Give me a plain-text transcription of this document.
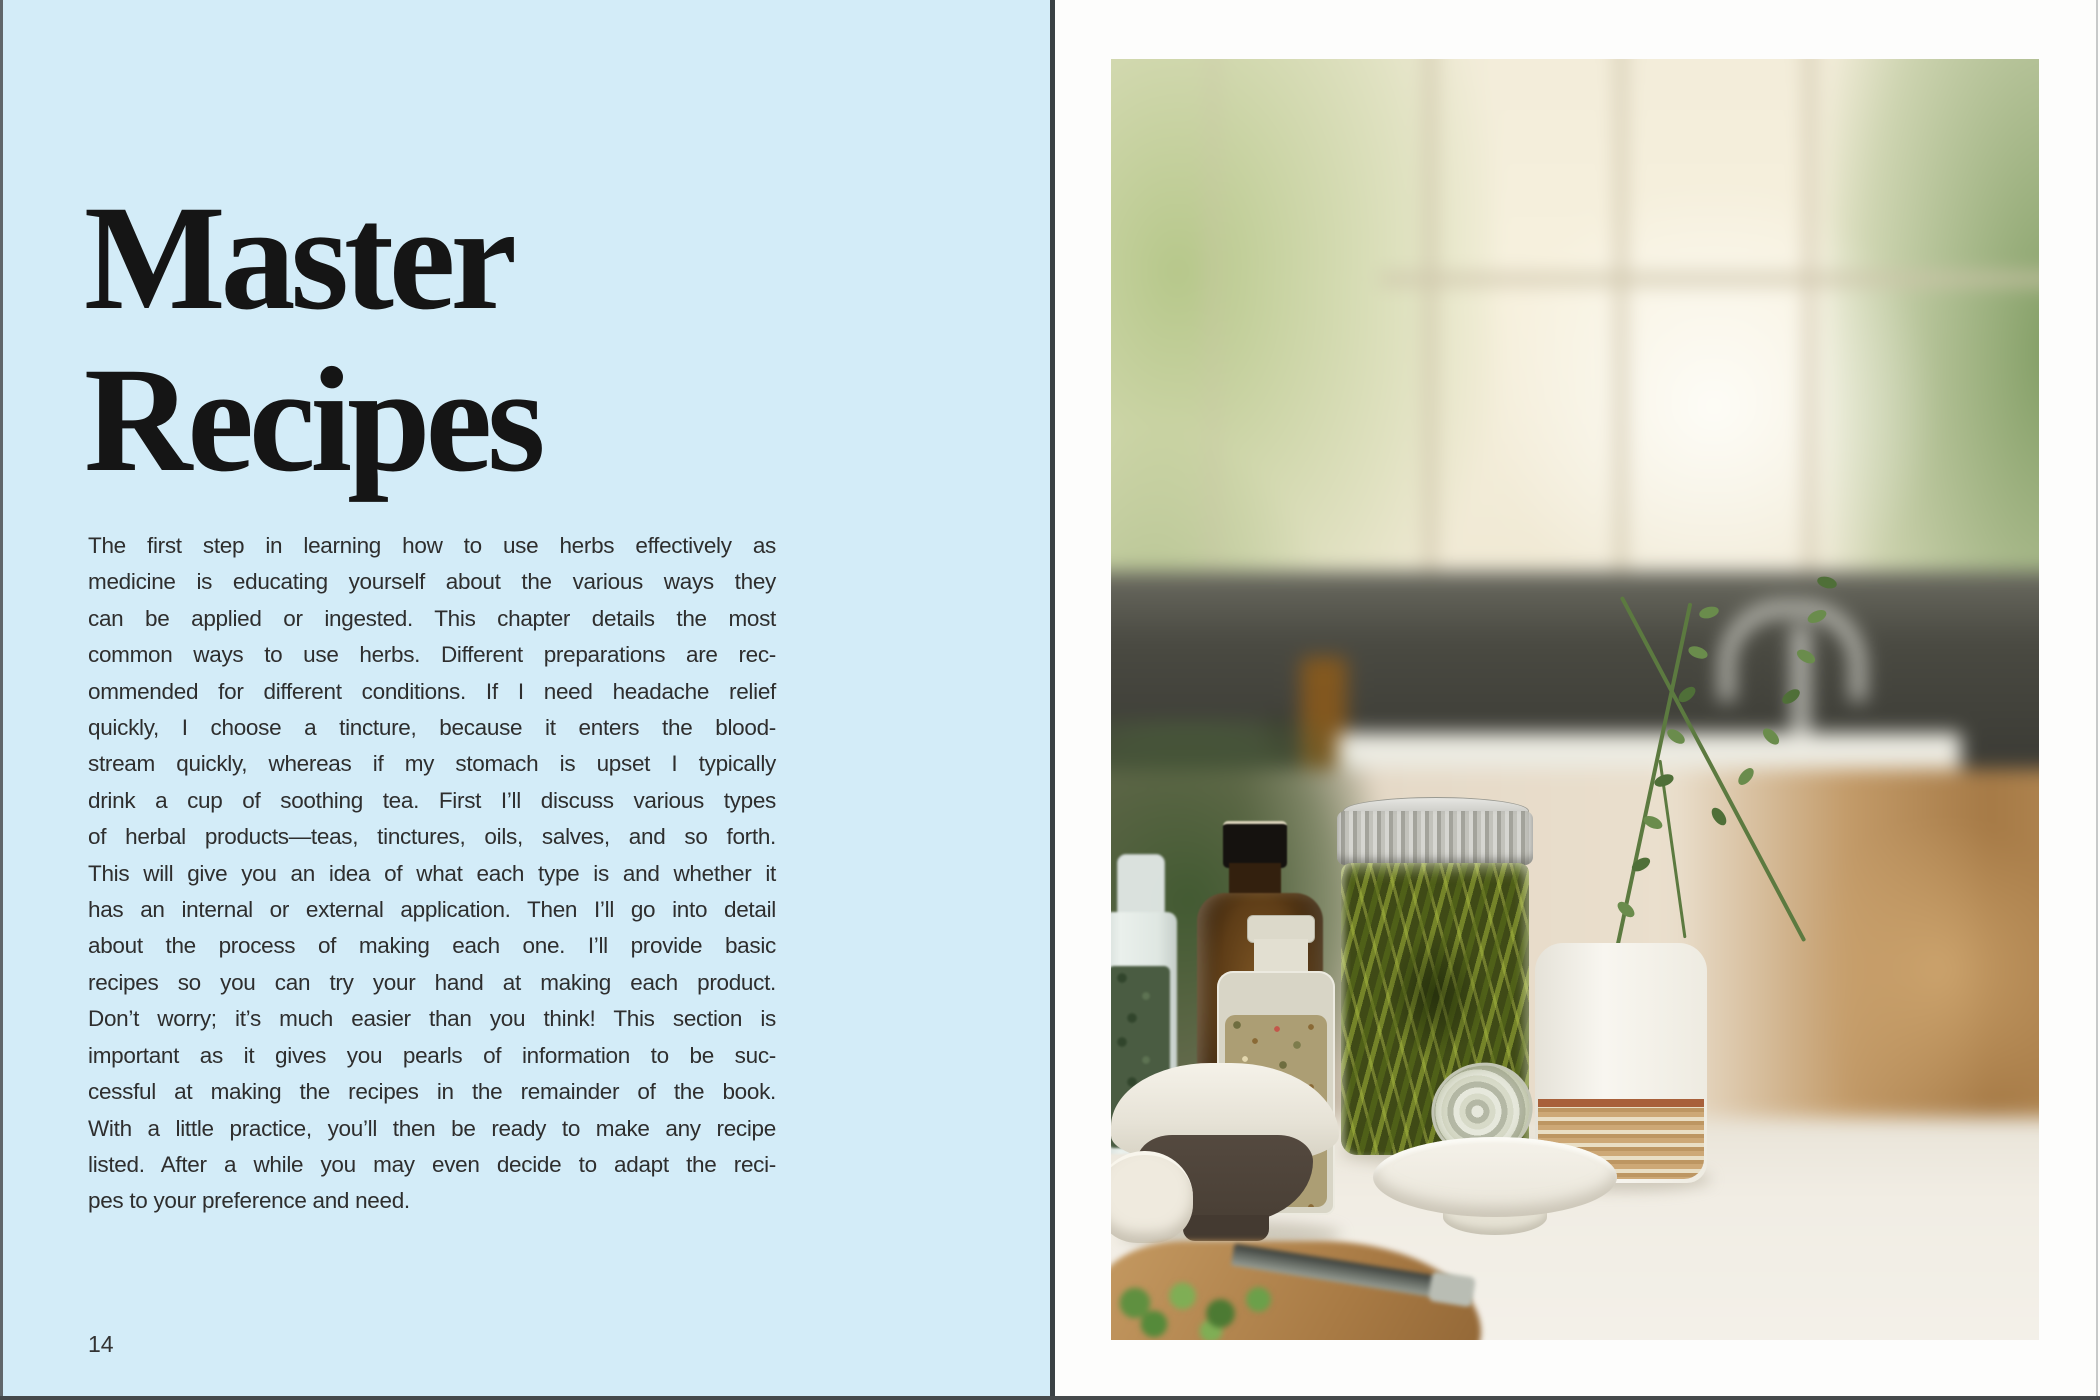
Master
Recipes
The first step in learning how to use herbs effectively as
medicine is educating yourself about the various ways they
can be applied or ingested. This chapter details the most
common ways to use herbs. Different preparations are rec-
ommended for different conditions. If I need headache relief
quickly, I choose a tincture, because it enters the blood-
stream quickly, whereas if my stomach is upset I typically
drink a cup of soothing tea. First I’ll discuss various types
of herbal products—teas, tinctures, oils, salves, and so forth.
This will give you an idea of what each type is and whether it
has an internal or external application. Then I’ll go into detail
about the process of making each one. I’ll provide basic
recipes so you can try your hand at making each product.
Don’t worry; it’s much easier than you think! This section is
important as it gives you pearls of information to be suc-
cessful at making the recipes in the remainder of the book.
With a little practice, you’ll then be ready to make any recipe
listed. After a while you may even decide to adapt the reci-
pes to your preference and need.
14
